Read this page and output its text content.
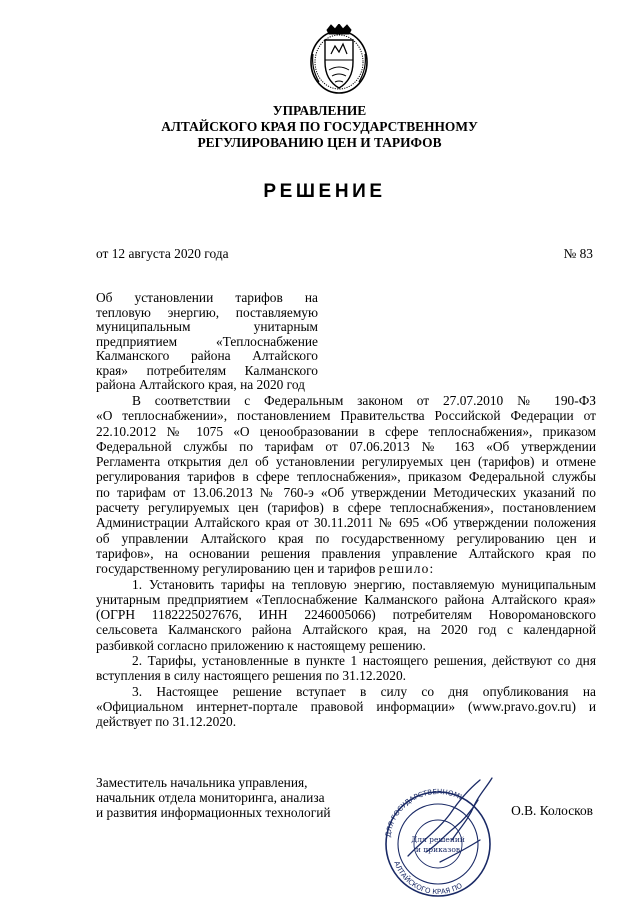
УПРАВЛЕНИЕ
АЛТАЙСКОГО КРАЯ ПО ГОСУДАРСТВЕННОМУ
РЕГУЛИРОВАНИЮ ЦЕН И ТАРИФОВ
РЕШЕНИЕ
от 12 августа 2020 года	№ 83
Об установлении тарифов на
тепловую энергию, поставляемую
муниципальным унитарным
предприятием «Теплоснабжение
Калманского района Алтайского
края» потребителям Калманского
района Алтайского края, на 2020 год
В соответствии с Федеральным законом от 27.07.2010 № 190-ФЗ
«О теплоснабжении», постановлением Правительства Российской Федерации от
22.10.2012 № 1075 «О ценообразовании в сфере теплоснабжения», приказом
Федеральной службы по тарифам от 07.06.2013 № 163 «Об утверждении
Регламента открытия дел об установлении регулируемых цен (тарифов) и отмене
регулирования тарифов в сфере теплоснабжения», приказом Федеральной службы
по тарифам от 13.06.2013 № 760-э «Об утверждении Методических указаний по
расчету регулируемых цен (тарифов) в сфере теплоснабжения», постановлением
Администрации Алтайского края от 30.11.2011 № 695 «Об утверждении положения
об управлении Алтайского края по государственному регулированию цен и
тарифов», на основании решения правления управление Алтайского края по
государственному регулированию цен и тарифов решило:
1. Установить тарифы на тепловую энергию, поставляемую муниципальным
унитарным предприятием «Теплоснабжение Калманского района Алтайского края»
(ОГРН 1182225027676, ИНН 2246005066) потребителям Новоромановского
сельсовета Калманского района Алтайского края, на 2020 год с календарной
разбивкой согласно приложению к настоящему решению.
2. Тарифы, установленные в пункте 1 настоящего решения, действуют со дня
вступления в силу настоящего решения по 31.12.2020.
3. Настоящее решение вступает в силу со дня опубликования на
«Официальном интернет-портале правовой информации» (www.pravo.gov.ru) и
действует по 31.12.2020.
Заместитель начальника управления,
начальник отдела мониторинга, анализа
и развития информационных технологий
ДЛЯ ГОСУДАРСТВЕННОМУ
АЛТАЙСКОГО КРАЯ ПО
Для решений
и приказов
О.В. Колосков
